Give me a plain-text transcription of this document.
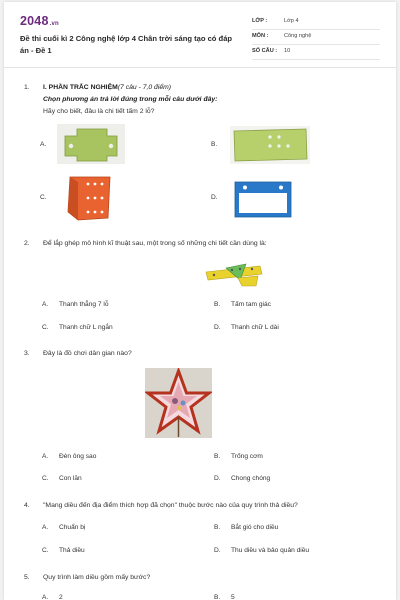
2048.vn
Đề thi cuối kì 2 Công nghệ lớp 4 Chân trời sáng tạo có đáp án - Đề 1
LỚP :	Lớp 4
MÔN :	Công nghệ
SỐ CÂU : 10
1. I. PHẦN TRẮC NGHIỆM(7 câu - 7,0 điểm)
Chọn phương án trả lời đúng trong mỗi câu dưới đây:
Hãy cho biết, đâu là chi tiết tấm 2 lỗ?
A.	B.
C.	D.
2. Để lắp ghép mô hình kĩ thuật sau, một trong số những chi tiết cần dùng là:
A. Thanh thẳng 7 lỗ	B. Tấm tam giác
C. Thanh chữ L ngắn	D. Thanh chữ L dài
3. Đây là đồ chơi dân gian nào?
A. Đèn ông sao	B. Trống cơm
C. Con lăn	D. Chong chóng
4. "Mang diều đến địa điểm thích hợp đã chọn" thuộc bước nào của quy trình thả diều?
A. Chuẩn bị	B. Bắt gió cho diều
C. Thả diều	D. Thu diều và bảo quản diều
5. Quy trình làm diều gồm mấy bước?
A. 2	B. 5
